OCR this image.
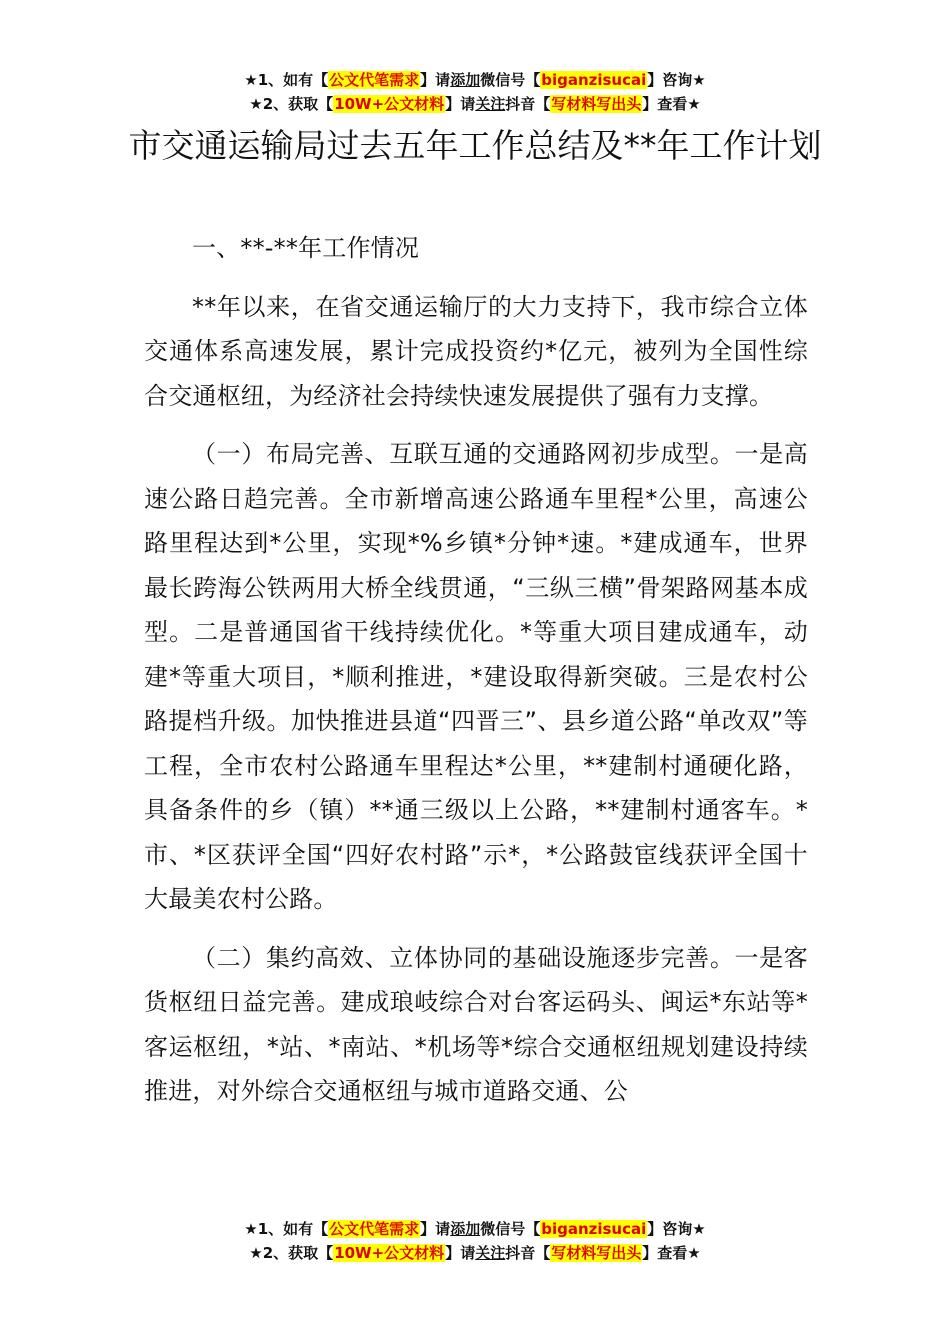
★1、如有【公文代笔需求】请添加微信号【biganzisucai】咨询★
★2、获取【10W+公文材料】请关注抖音【写材料写出头】查看★
市交通运输局过去五年工作总结及**年工作计划

一、**-**年工作情况

**年以来，在省交通运输厅的大力支持下，我市综合立体交通体系高速发展，累计完成投资约*亿元，被列为全国性综合交通枢纽，为经济社会持续快速发展提供了强有力支撑。

（一）布局完善、互联互通的交通路网初步成型。一是高速公路日趋完善。全市新增高速公路通车里程*公里，高速公路里程达到*公里，实现*%乡镇*分钟*速。*建成通车，世界最长跨海公铁两用大桥全线贯通，“三纵三横”骨架路网基本成型。二是普通国省干线持续优化。*等重大项目建成通车，动建*等重大项目，*顺利推进，*建设取得新突破。三是农村公路提档升级。加快推进县道“四晋三”、县乡道公路“单改双”等工程，全市农村公路通车里程达*公里，**建制村通硬化路，具备条件的乡（镇）**通三级以上公路，**建制村通客车。*市、*区获评全国“四好农村路”示*，*公路鼓宦线获评全国十大最美农村公路。

（二）集约高效、立体协同的基础设施逐步完善。一是客货枢纽日益完善。建成琅岐综合对台客运码头、闽运*东站等*客运枢纽，*站、*南站、*机场等*综合交通枢纽规划建设持续推进，对外综合交通枢纽与城市道路交通、公

★1、如有【公文代笔需求】请添加微信号【biganzisucai】咨询★
★2、获取【10W+公文材料】请关注抖音【写材料写出头】查看★
